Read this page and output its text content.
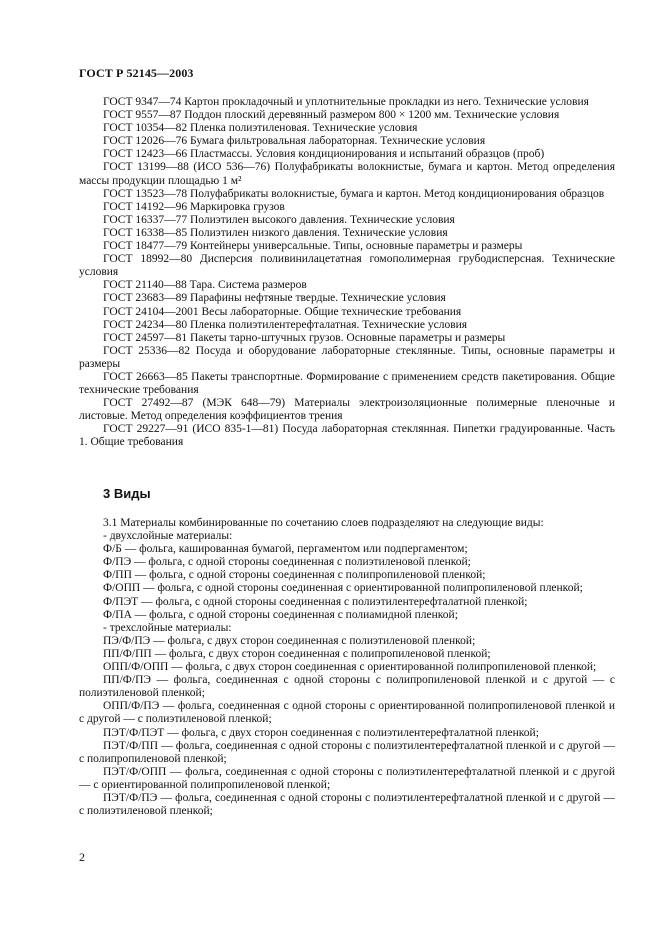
ГОСТ Р 52145—2003

ГОСТ 9347—74 Картон прокладочный и уплотнительные прокладки из него. Технические условия

ГОСТ 9557—87 Поддон плоский деревянный размером 800 × 1200 мм. Технические условия

ГОСТ 10354—82 Пленка полиэтиленовая. Технические условия

ГОСТ 12026—76 Бумага фильтровальная лабораторная. Технические условия

ГОСТ 12423—66 Пластмассы. Условия кондиционирования и испытаний образцов (проб)

ГОСТ 13199—88 (ИСО 536—76) Полуфабрикаты волокнистые, бумага и картон. Метод определения массы продукции площадью 1 м²

ГОСТ 13523—78 Полуфабрикаты волокнистые, бумага и картон. Метод кондиционирования образцов

ГОСТ 14192—96 Маркировка грузов

ГОСТ 16337—77 Полиэтилен высокого давления. Технические условия

ГОСТ 16338—85 Полиэтилен низкого давления. Технические условия

ГОСТ 18477—79 Контейнеры универсальные. Типы, основные параметры и размеры

ГОСТ 18992—80 Дисперсия поливинилацетатная гомополимерная грубодисперсная. Технические условия

ГОСТ 21140—88 Тара. Система размеров

ГОСТ 23683—89 Парафины нефтяные твердые. Технические условия

ГОСТ 24104—2001 Весы лабораторные. Общие технические требования

ГОСТ 24234—80 Пленка полиэтилентерефталатная. Технические условия

ГОСТ 24597—81 Пакеты тарно-штучных грузов. Основные параметры и размеры

ГОСТ 25336—82 Посуда и оборудование лабораторные стеклянные. Типы, основные параметры и размеры

ГОСТ 26663—85 Пакеты транспортные. Формирование с применением средств пакетирования. Общие технические требования

ГОСТ 27492—87 (МЭК 648—79) Материалы электроизоляционные полимерные пленочные и листовые. Метод определения коэффициентов трения

ГОСТ 29227—91 (ИСО 835-1—81) Посуда лабораторная стеклянная. Пипетки градуированные. Часть 1. Общие требования

3 Виды

3.1 Материалы комбинированные по сочетанию слоев подразделяют на следующие виды:

- двухслойные материалы:

Ф/Б — фольга, кашированная бумагой, пергаментом или подпергаментом;

Ф/ПЭ — фольга, с одной стороны соединенная с полиэтиленовой пленкой;

Ф/ПП — фольга, с одной стороны соединенная с полипропиленовой пленкой;

Ф/ОПП — фольга, с одной стороны соединенная с ориентированной полипропиленовой пленкой;

Ф/ПЭТ — фольга, с одной стороны соединенная с полиэтилентерефталатной пленкой;

Ф/ПА — фольга, с одной стороны соединенная с полиамидной пленкой;

- трехслойные материалы:

ПЭ/Ф/ПЭ — фольга, с двух сторон соединенная с полиэтиленовой пленкой;

ПП/Ф/ПП — фольга, с двух сторон соединенная с полипропиленовой пленкой;

ОПП/Ф/ОПП — фольга, с двух сторон соединенная с ориентированной полипропиленовой пленкой;

ПП/Ф/ПЭ — фольга, соединенная с одной стороны с полипропиленовой пленкой и с другой — с полиэтиленовой пленкой;

ОПП/Ф/ПЭ — фольга, соединенная с одной стороны с ориентированной полипропиленовой пленкой и с другой — с полиэтиленовой пленкой;

ПЭТ/Ф/ПЭТ — фольга, с двух сторон соединенная с полиэтилентерефталатной пленкой;

ПЭТ/Ф/ПП — фольга, соединенная с одной стороны с полиэтилентерефталатной пленкой и с другой — с полипропиленовой пленкой;

ПЭТ/Ф/ОПП — фольга, соединенная с одной стороны с полиэтилентерефталатной пленкой и с другой — с ориентированной полипропиленовой пленкой;

ПЭТ/Ф/ПЭ — фольга, соединенная с одной стороны с полиэтилентерефталатной пленкой и с другой — с полиэтиленовой пленкой;

2
